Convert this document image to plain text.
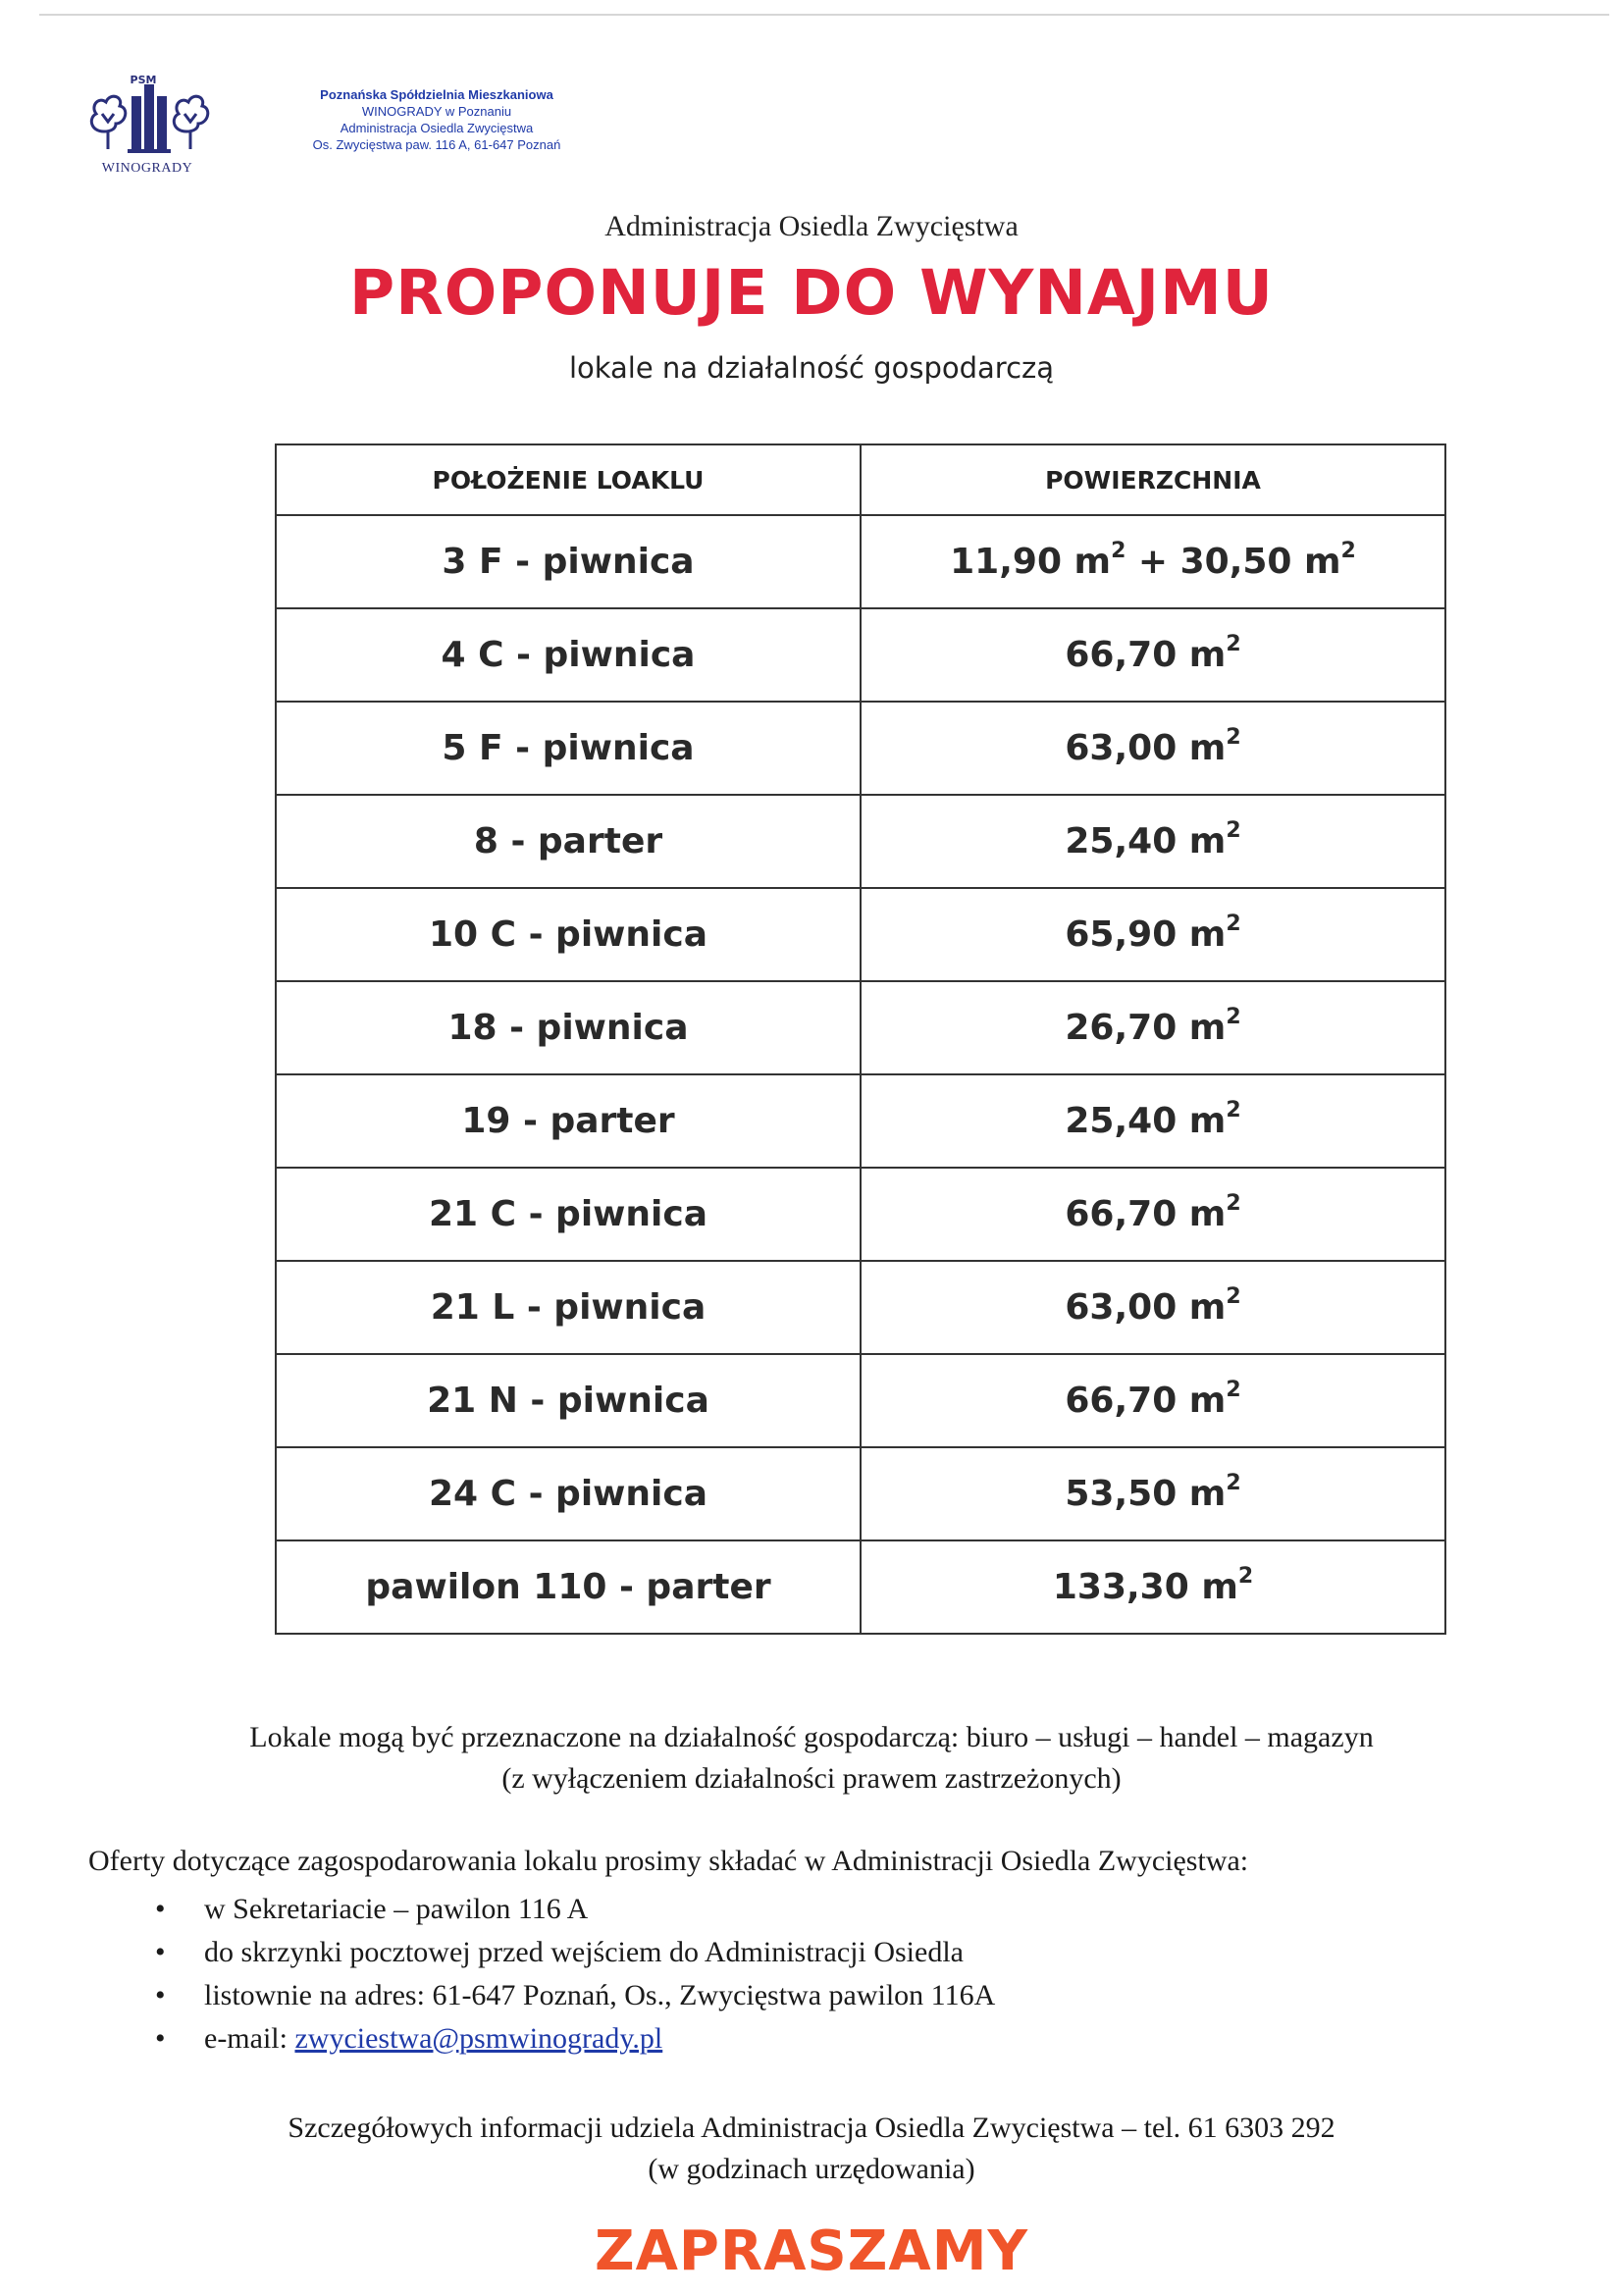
PSM
WINOGRADY
Poznańska Spółdzielnia Mieszkaniowa
WINOGRADY w Poznaniu
Administracja Osiedla Zwycięstwa
Os. Zwycięstwa paw. 116 A, 61-647 Poznań
Administracja Osiedla Zwycięstwa
PROPONUJE DO WYNAJMU
lokale na działalność gospodarczą
POŁOŻENIE LOAKLU	POWIERZCHNIA
3 F - piwnica	11,90 $m^2 + 30,50$ $m^2$
4 C - piwnica	66,70 $m^2$
5 F - piwnica	63,00 $m^2$
8 - parter	25,40 $m^2$
10 C - piwnica	65,90 $m^2$
18 - piwnica	26,70 $m^2$
19 - parter	25,40 $m^2$
21 C - piwnica	66,70 $m^2$
21 L - piwnica	63,00 $m^2$
21 N - piwnica	66,70 $m^2$
24 C - piwnica	53,50 $m^2$
pawilon 110 - parter	133,30 $m^2$
Lokale mogą być przeznaczone na działalność gospodarczą: biuro – usługi – handel – magazyn
(z wyłączeniem działalności prawem zastrzeżonych)
Oferty dotyczące zagospodarowania lokalu prosimy składać w Administracji Osiedla Zwycięstwa:
• w Sekretariacie – pawilon 116 A
• do skrzynki pocztowej przed wejściem do Administracji Osiedla
• listownie na adres: 61-647 Poznań, Os., Zwycięstwa pawilon 116A
• e-mail: zwyciestwa@psmwinogrady.pl
Szczegółowych informacji udziela Administracja Osiedla Zwycięstwa – tel. 61 6303 292
(w godzinach urzędowania)
ZAPRASZAMY
